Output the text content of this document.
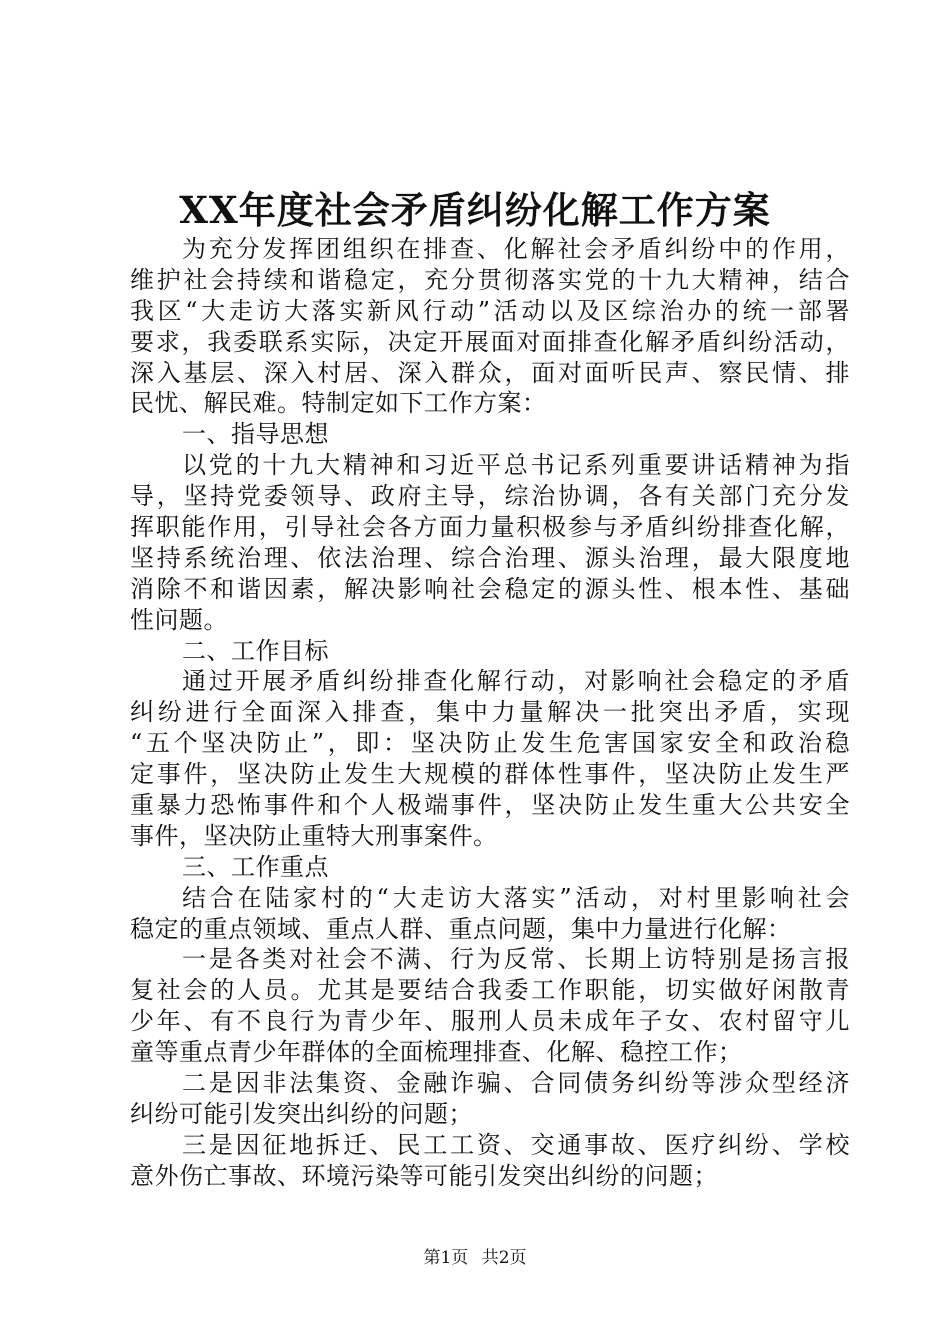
XX年度社会矛盾纠纷化解工作方案
为充分发挥团组织在排查、化解社会矛盾纠纷中的作用，
维护社会持续和谐稳定，充分贯彻落实党的十九大精神，结合
我区“大走访大落实新风行动”活动以及区综治办的统一部署
要求，我委联系实际，决定开展面对面排查化解矛盾纠纷活动，
深入基层、深入村居、深入群众，面对面听民声、察民情、排
民忧、解民难。特制定如下工作方案：
一、指导思想
以党的十九大精神和习近平总书记系列重要讲话精神为指
导，坚持党委领导、政府主导，综治协调，各有关部门充分发
挥职能作用，引导社会各方面力量积极参与矛盾纠纷排查化解，
坚持系统治理、依法治理、综合治理、源头治理，最大限度地
消除不和谐因素，解决影响社会稳定的源头性、根本性、基础
性问题。
二、工作目标
通过开展矛盾纠纷排查化解行动，对影响社会稳定的矛盾
纠纷进行全面深入排查，集中力量解决一批突出矛盾，实现
“五个坚决防止”，即：坚决防止发生危害国家安全和政治稳
定事件，坚决防止发生大规模的群体性事件，坚决防止发生严
重暴力恐怖事件和个人极端事件，坚决防止发生重大公共安全
事件，坚决防止重特大刑事案件。
三、工作重点
结合在陆家村的“大走访大落实”活动，对村里影响社会
稳定的重点领域、重点人群、重点问题，集中力量进行化解：
一是各类对社会不满、行为反常、长期上访特别是扬言报
复社会的人员。尤其是要结合我委工作职能，切实做好闲散青
少年、有不良行为青少年、服刑人员未成年子女、农村留守儿
童等重点青少年群体的全面梳理排查、化解、稳控工作；
二是因非法集资、金融诈骗、合同债务纠纷等涉众型经济
纠纷可能引发突出纠纷的问题；
三是因征地拆迁、民工工资、交通事故、医疗纠纷、学校
意外伤亡事故、环境污染等可能引发突出纠纷的问题；
第1页 共2页
